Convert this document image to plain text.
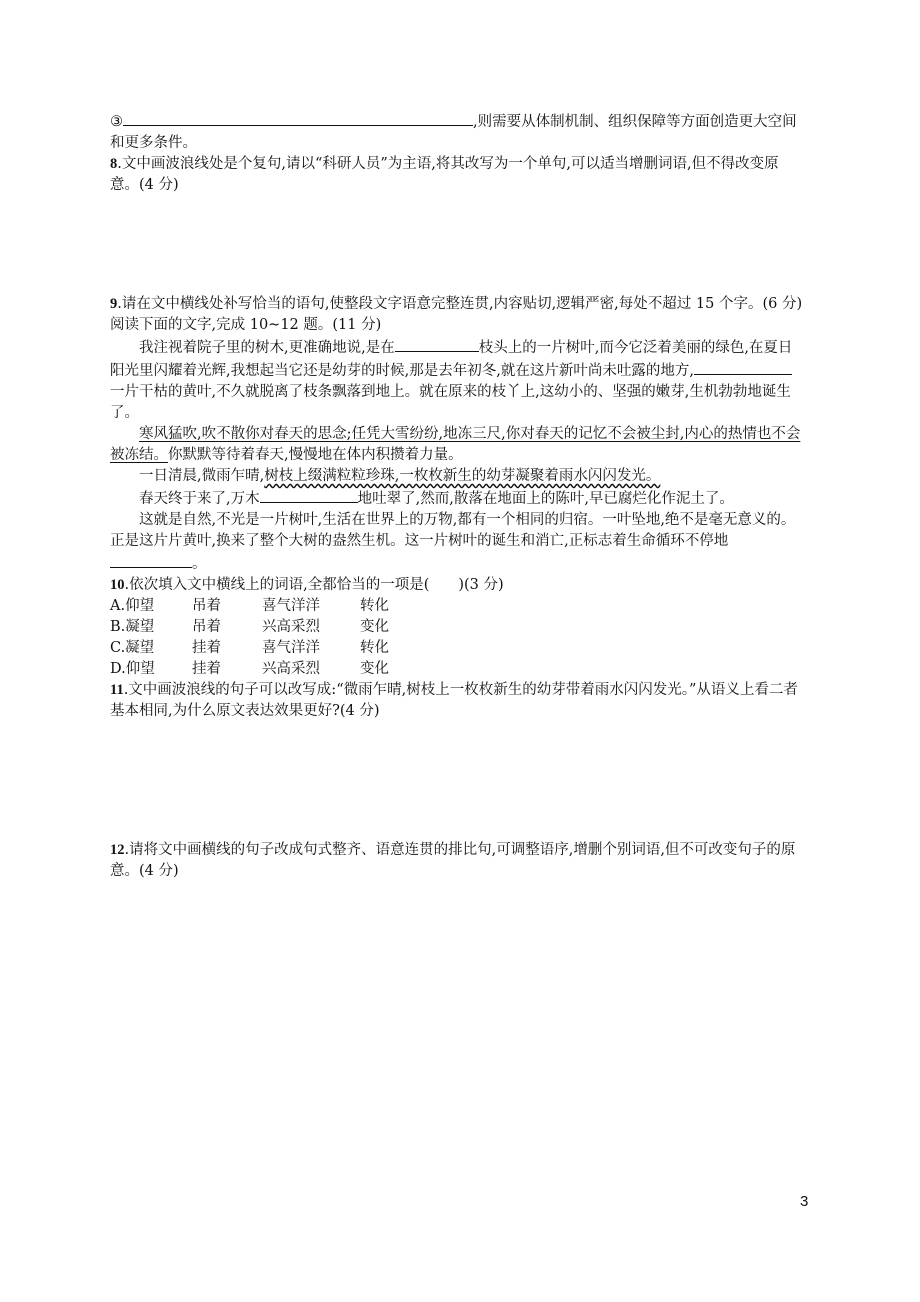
③	,则需要从体制机制、组织保障等方面创造更大空间和更多条件。

8.文中画波浪线处是个复句,请以“科研人员”为主语,将其改写为一个单句,可以适当增删词语,但不得改变原意。(4 分)

9.请在文中横线处补写恰当的语句,使整段文字语意完整连贯,内容贴切,逻辑严密,每处不超过 15 个字。(6 分)

阅读下面的文字,完成 10~12 题。(11 分)

我注视着院子里的树木,更准确地说,是在	枝头上的一片树叶,而今它泛着美丽的绿色,在夏日阳光里闪耀着光辉,我想起当它还是幼芽的时候,那是去年初冬,就在这片新叶尚未吐露的地方,一片干枯的黄叶,不久就脱离了枝条飘落到地上。就在原来的枝丫上,这幼小的、坚强的嫩芽,生机勃勃地诞生了。

寒风猛吹,吹不散你对春天的思念;任凭大雪纷纷,地冻三尺,你对春天的记忆不会被尘封,内心的热情也不会被冻结。你默默等待着春天,慢慢地在体内积攒着力量。

一日清晨,微雨乍晴,树枝上缀满粒粒珍珠,一枚枚新生的幼芽凝聚着雨水闪闪发光。

春天终于来了,万木	地吐翠了,然而,散落在地面上的陈叶,早已腐烂化作泥土了。

这就是自然,不光是一片树叶,生活在世界上的万物,都有一个相同的归宿。一叶坠地,绝不是毫无意义的。正是这片片黄叶,换来了整个大树的盎然生机。这一片树叶的诞生和消亡,正标志着生命循环不停地。

10.依次填入文中横线上的词语,全都恰当的一项是(　　)(3 分)

A.仰望	吊着	喜气洋洋	转化
B.凝望	吊着	兴高采烈	变化
C.凝望	挂着	喜气洋洋	转化
D.仰望	挂着	兴高采烈	变化

11.文中画波浪线的句子可以改写成:“微雨乍晴,树枝上一枚枚新生的幼芽带着雨水闪闪发光。”从语义上看二者基本相同,为什么原文表达效果更好?(4 分)

12.请将文中画横线的句子改成句式整齐、语意连贯的排比句,可调整语序,增删个别词语,但不可改变句子的原意。(4 分)

3
